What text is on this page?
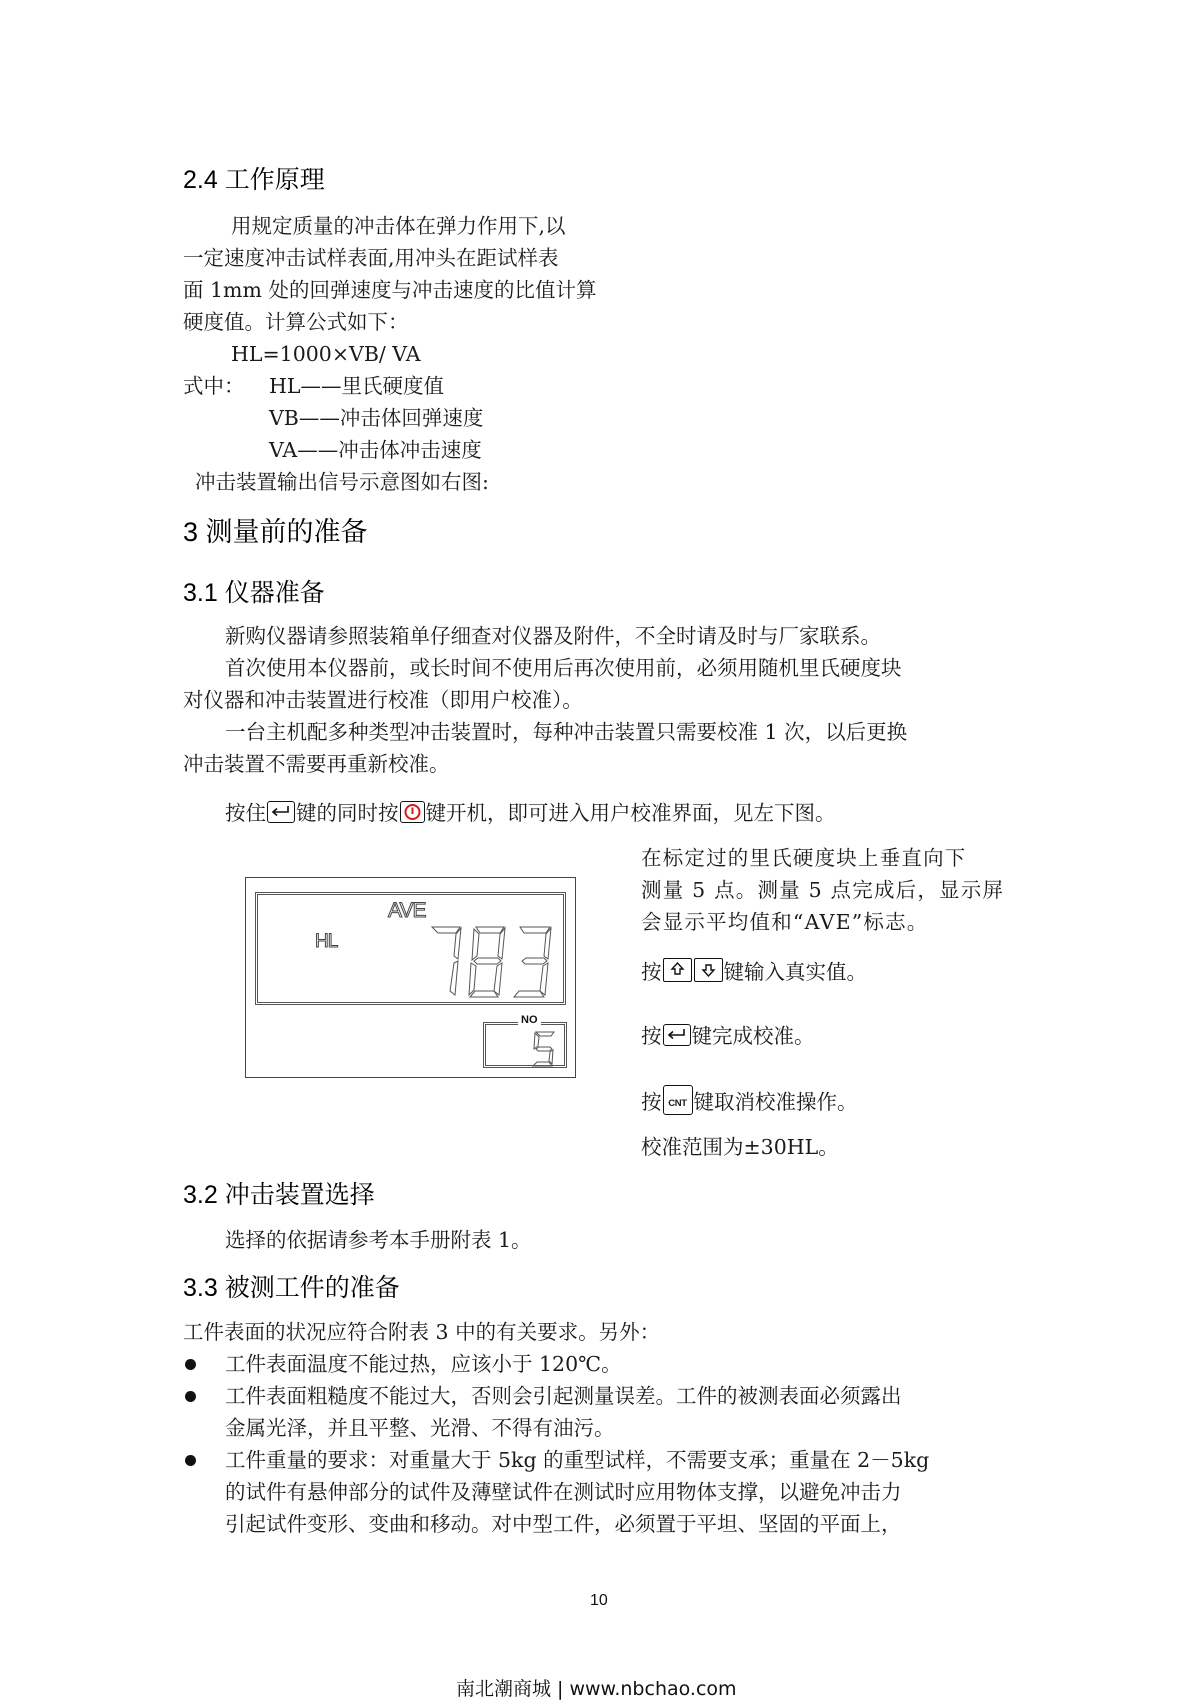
2.4 工作原理
用规定质量的冲击体在弹力作用下,以
一定速度冲击试样表面,用冲头在距试样表
面 1mm 处的回弹速度与冲击速度的比值计算
硬度值。计算公式如下：
HL=1000×VB/ VA
式中： HL——里氏硬度值
VB——冲击体回弹速度
VA——冲击体冲击速度
冲击装置输出信号示意图如右图:
3 测量前的准备
3.1 仪器准备
新购仪器请参照装箱单仔细查对仪器及附件，不全时请及时与厂家联系。
首次使用本仪器前，或长时间不使用后再次使用前，必须用随机里氏硬度块
对仪器和冲击装置进行校准（即用户校准）。
一台主机配多种类型冲击装置时，每种冲击装置只需要校准 1 次，以后更换
冲击装置不需要再重新校准。
按住 键的同时按 键开机，即可进入用户校准界面，见左下图。
AVE
HL
NO
在标定过的里氏硬度块上垂直向下
测量 5 点。测量 5 点完成后，显示屏
会显示平均值和“AVE”标志。
按	键输入真实值。
按 键完成校准。
按 CNT 键取消校准操作。
校准范围为±30HL。
3.2 冲击装置选择
选择的依据请参考本手册附表 1。
3.3 被测工件的准备
工件表面的状况应符合附表 3 中的有关要求。另外：
工件表面温度不能过热，应该小于 120℃。
工件表面粗糙度不能过大，否则会引起测量误差。工件的被测表面必须露出
金属光泽，并且平整、光滑、不得有油污。
工件重量的要求：对重量大于 5kg 的重型试样，不需要支承；重量在 2－5kg
的试件有悬伸部分的试件及薄壁试件在测试时应用物体支撑，以避免冲击力
引起试件变形、变曲和移动。对中型工件，必须置于平坦、坚固的平面上，
10
南北潮商城 | www.nbchao.com
